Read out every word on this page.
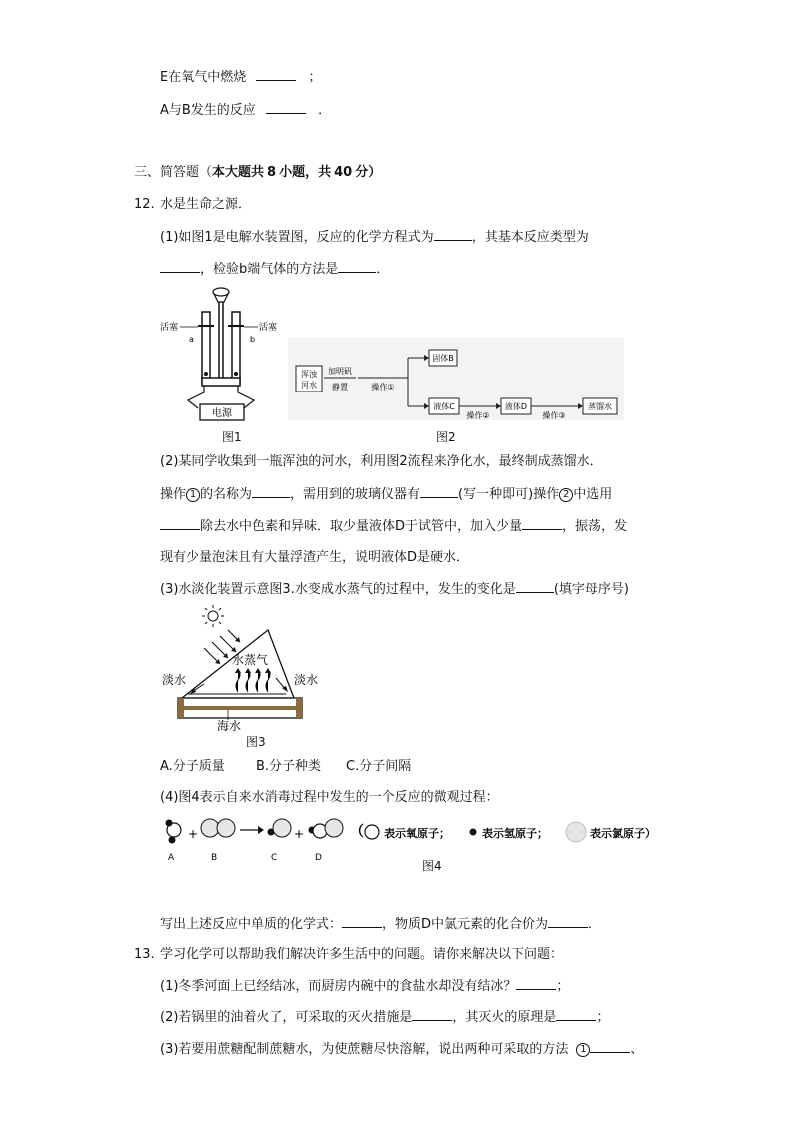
E在氧气中燃烧	；
A与B发生的反应	．
三、简答题（本大题共 8 小题，共 40 分）
12. 水是生命之源．
(1)如图1是电解水装置图，反应的化学方程式为	，其基本反应类型为
，检验b端气体的方法是	．
电源
活塞	活塞
a	b
图1
浑浊
河水
加明矾
静置	操作①
固体B
液体C
操作②
液体D
操作③
蒸馏水
图2
(2)某同学收集到一瓶浑浊的河水，利用图2流程来净化水，最终制成蒸馏水．
操作 1 的名称为	，需用到的玻璃仪器有	(写一种即可)操作 2 中选用
除去水中色素和异味．取少量液体D于试管中，加入少量	，振荡，发
现有少量泡沫且有大量浮渣产生，说明液体D是硬水．
(3)水淡化装置示意图3.水变成水蒸气的过程中，发生的变化是	(填字母序号)
水蒸气
淡水	淡水
海水
图3
A.分子质量 B.分子种类 C.分子间隔
(4)图4表示自来水消毒过程中发生的一个反应的微观过程：
+	+
A	B	C	D
（ 表示氧原子；	表示氢原子；	表示氯原子）
图4
写出上述反应中单质的化学式：	，物质D中氯元素的化合价为	．
13. 学习化学可以帮助我们解决许多生活中的问题。请你来解决以下问题：
(1)冬季河面上已经结冰，而厨房内碗中的食盐水却没有结冰？	；
(2)若锅里的油着火了，可采取的灭火措施是	，其灭火的原理是	；
(3)若要用蔗糖配制蔗糖水，为使蔗糖尽快溶解，说出两种可采取的方法 1	、
